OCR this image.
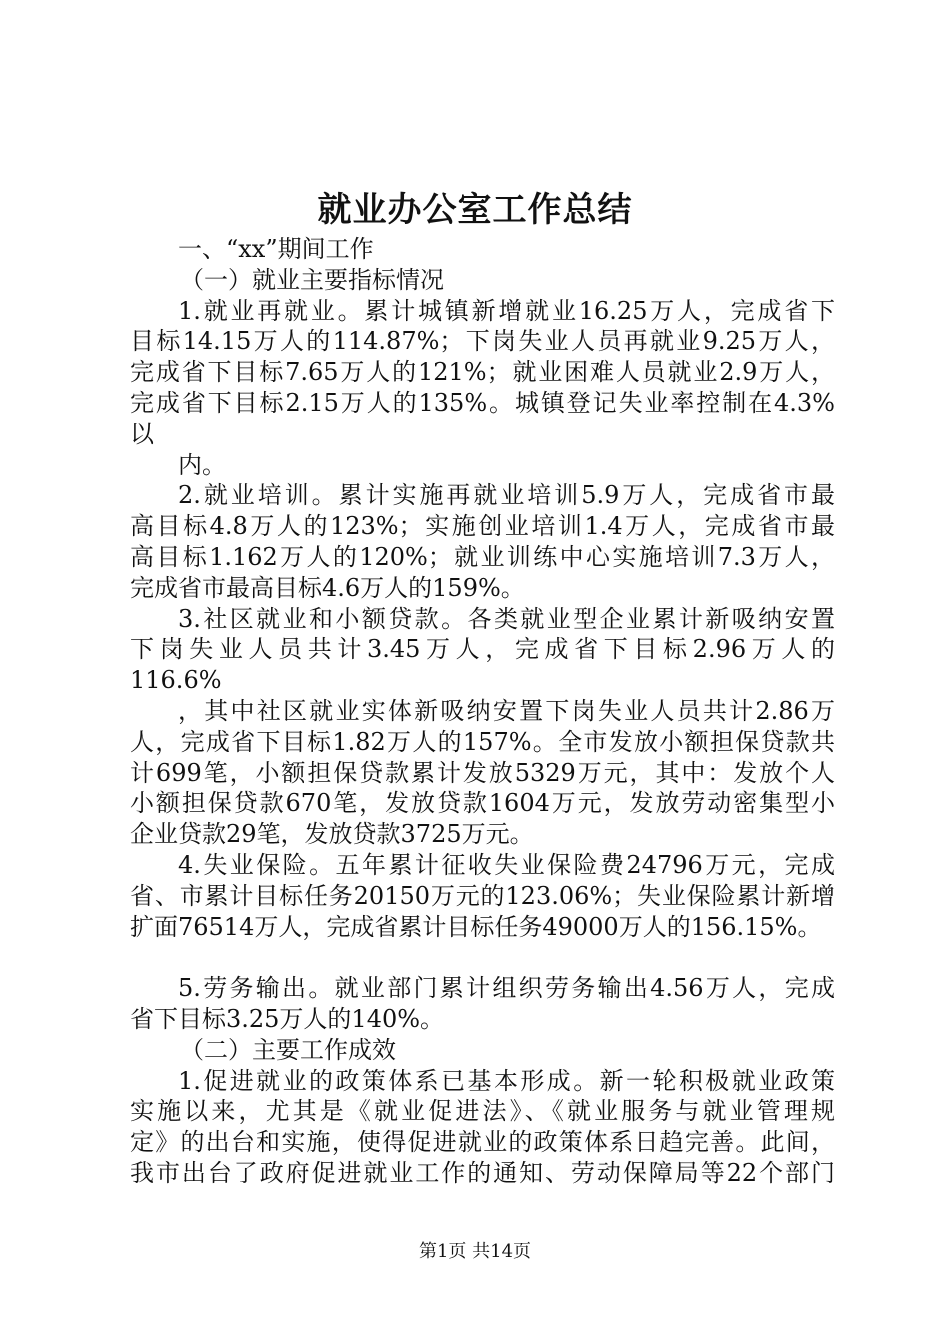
就业办公室工作总结
一、“xx”期间工作
（一）就业主要指标情况
1.就业再就业。累计城镇新增就业16.25万人，完成省下
目标14.15万人的114.87%；下岗失业人员再就业9.25万人，
完成省下目标7.65万人的121%；就业困难人员就业2.9万人，
完成省下目标2.15万人的135%。城镇登记失业率控制在4.3%
以
内。
2.就业培训。累计实施再就业培训5.9万人，完成省市最
高目标4.8万人的123%；实施创业培训1.4万人，完成省市最
高目标1.162万人的120%；就业训练中心实施培训7.3万人，
完成省市最高目标4.6万人的159%。
3.社区就业和小额贷款。各类就业型企业累计新吸纳安置
下岗失业人员共计3.45万人，完成省下目标2.96万人的
116.6%
，其中社区就业实体新吸纳安置下岗失业人员共计2.86万
人，完成省下目标1.82万人的157%。全市发放小额担保贷款共
计699笔，小额担保贷款累计发放5329万元，其中：发放个人
小额担保贷款670笔，发放贷款1604万元，发放劳动密集型小
企业贷款29笔，发放贷款3725万元。
4.失业保险。五年累计征收失业保险费24796万元，完成
省、市累计目标任务20150万元的123.06%；失业保险累计新增
扩面76514万人，完成省累计目标任务49000万人的156.15%。
5.劳务输出。就业部门累计组织劳务输出4.56万人，完成
省下目标3.25万人的140%。
（二）主要工作成效
1.促进就业的政策体系已基本形成。新一轮积极就业政策
实施以来，尤其是《就业促进法》、《就业服务与就业管理规
定》的出台和实施，使得促进就业的政策体系日趋完善。此间，
我市出台了政府促进就业工作的通知、劳动保障局等22个部门
第1页 共14页
